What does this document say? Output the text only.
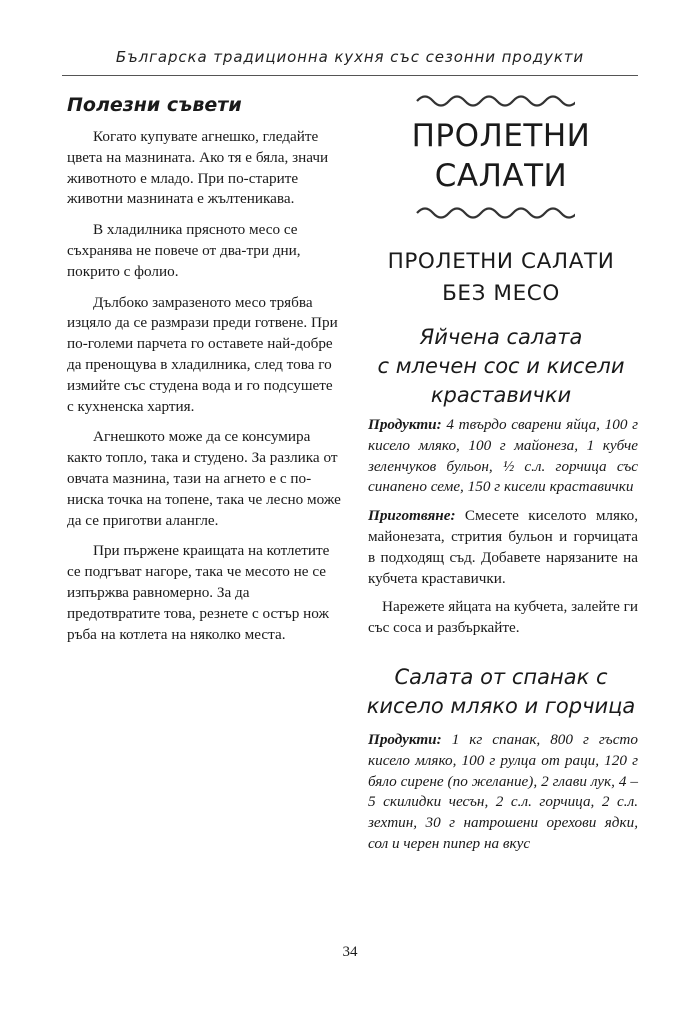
Българска традиционна кухня със сезонни продукти
Полезни съвети

Когато купувате агнешко, гледайте цвета на мазнината. Ако тя е бяла, значи животното е младо. При по-старите животни мазнината е жълтеникава.

В хладилника прясното месо се съхранява не повече от два-три дни, покрито с фолио.

Дълбоко замразеното месо трябва изцяло да се размрази преди готвене. При по-големи парчета го оставете най-добре да пренощува в хладилника, след това го измийте със студена вода и го подсушете с кухненска хартия.

Агнешкото може да се консумира както топло, така и студено. За разлика от овчата мазнина, тази на агнето е с по-ниска точка на топене, така че лесно може да се приготви алангле.

При пържене краищата на котлетите се подгъват нагоре, така че месото не се изпържва равномерно. За да предотвратите това, резнете с остър нож ръба на котлета на няколко места.

ПРОЛЕТНИ
САЛАТИ
ПРОЛЕТНИ САЛАТИ
БЕЗ МЕСО
Яйчена салата
с млечен сос и кисели
краставички

Продукти: 4 твърдо сварени яйца, 100 г кисело мляко, 100 г майонеза, 1 кубче зеленчуков бульон, ½ с.л. горчица със синапено семе, 150 г кисели краставички

Приготвяне: Смесете киселото мляко, майонезата, стрития бульон и горчицата в подходящ съд. Добавете нарязаните на кубчета краставички.

Нарежете яйцата на кубчета, залейте ги със соса и разбъркайте.

Салата от спанак с
кисело мляко и горчица

Продукти: 1 кг спанак, 800 г гъсто кисело мляко, 100 г рулца от раци, 120 г бяло сирене (по желание), 2 глави лук, 4 – 5 скилидки чесън, 2 с.л. горчица, 2 с.л. зехтин, 30 г натрошени орехови ядки, сол и черен пипер на вкус

34
